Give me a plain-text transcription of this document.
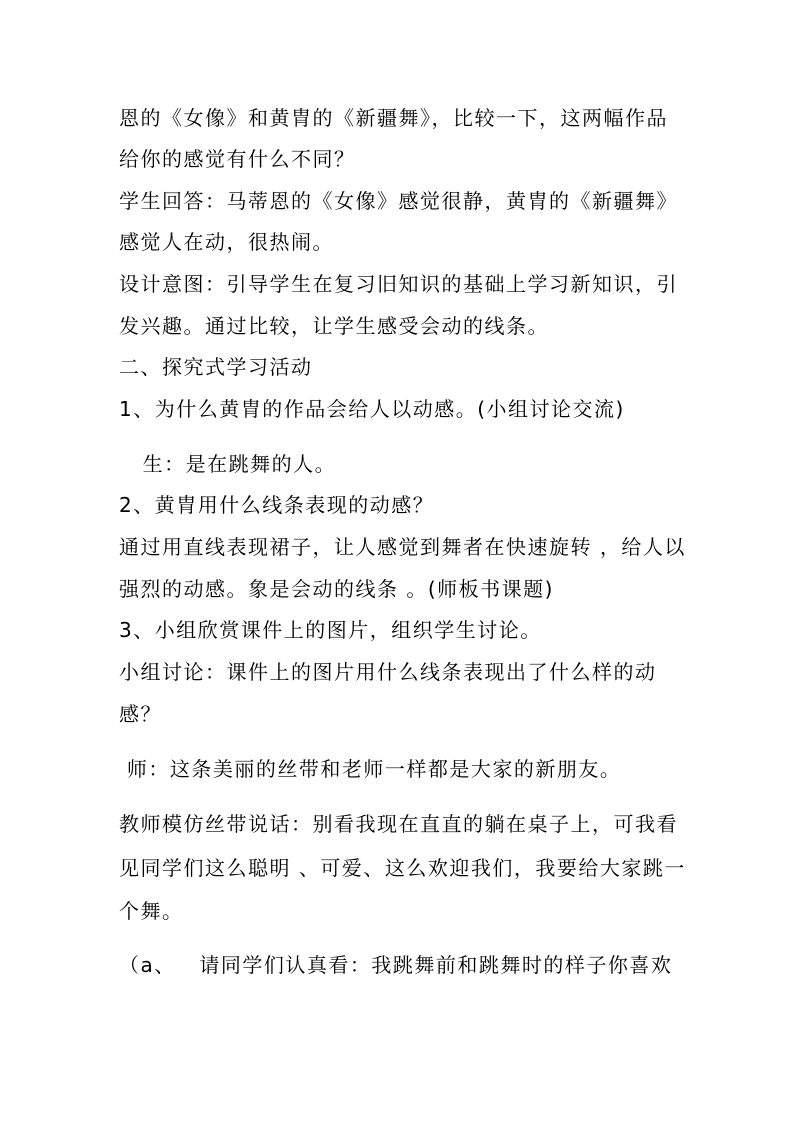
恩的《女像》和黄胄的《新疆舞》，比较一下，这两幅作品
给你的感觉有什么不同？
学生回答：马蒂恩的《女像》感觉很静，黄胄的《新疆舞》
感觉人在动，很热闹。
设计意图：引导学生在复习旧知识的基础上学习新知识，引
发兴趣。通过比较，让学生感受会动的线条。
二、探究式学习活动
1、为什么黄胄的作品会给人以动感。(小组讨论交流)
生：是在跳舞的人。
2、黄胄用什么线条表现的动感？
通过用直线表现裙子，让人感觉到舞者在快速旋转 ，给人以
强烈的动感。象是会动的线条 。(师板书课题)
3、小组欣赏课件上的图片，组织学生讨论。
小组讨论：课件上的图片用什么线条表现出了什么样的动
感？
师：这条美丽的丝带和老师一样都是大家的新朋友。
教师模仿丝带说话：别看我现在直直的躺在桌子上，可我看
见同学们这么聪明 、可爱、这么欢迎我们，我要给大家跳一
个舞。
（a、   请同学们认真看：我跳舞前和跳舞时的样子你喜欢
